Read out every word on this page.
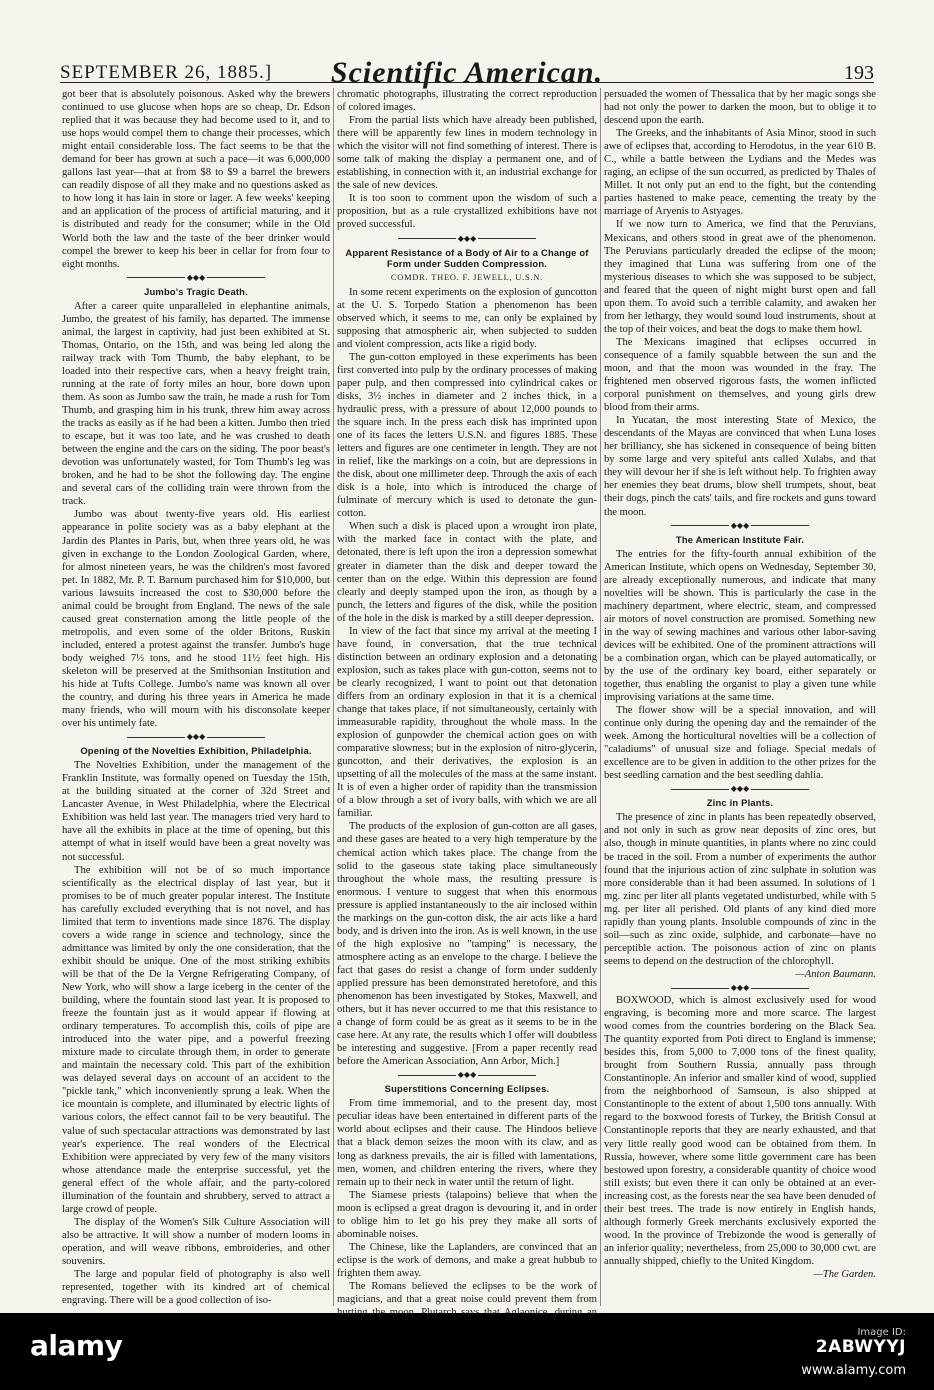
SEPTEMBER 26, 1885.]	Scientific American.	193

got beer that is absolutely poisonous. Asked why the brewers continued to use glucose when hops are so cheap, Dr. Edson replied that it was because they had become used to it, and to use hops would compel them to change their processes, which might entail considerable loss. The fact seems to be that the demand for beer has grown at such a pace—it was 6,000,000 gallons last year—that at from $8 to $9 a barrel the brewers can readily dispose of all they make and no questions asked as to how long it has lain in store or lager. A few weeks' keeping and an application of the process of artificial maturing, and it is distributed and ready for the consumer; while in the Old World both the law and the taste of the beer drinker would compel the brewer to keep his beer in cellar for from four to eight months.

◆◆◆
Jumbo's Tragic Death.

After a career quite unparalleled in elephantine animals, Jumbo, the greatest of his family, has departed. The immense animal, the largest in captivity, had just been exhibited at St. Thomas, Ontario, on the 15th, and was being led along the railway track with Tom Thumb, the baby elephant, to be loaded into their respective cars, when a heavy freight train, running at the rate of forty miles an hour, bore down upon them. As soon as Jumbo saw the train, he made a rush for Tom Thumb, and grasping him in his trunk, threw him away across the tracks as easily as if he had been a kitten. Jumbo then tried to escape, but it was too late, and he was crushed to death between the engine and the cars on the siding. The poor beast's devotion was unfortunately wasted, for Tom Thumb's leg was broken, and he had to be shot the following day. The engine and several cars of the colliding train were thrown from the track.

Jumbo was about twenty-five years old. His earliest appearance in polite society was as a baby elephant at the Jardin des Plantes in Paris, but, when three years old, he was given in exchange to the London Zoological Garden, where, for almost nineteen years, he was the children's most favored pet. In 1882, Mr. P. T. Barnum purchased him for $10,000, but various lawsuits increased the cost to $30,000 before the animal could be brought from England. The news of the sale caused great consternation among the little people of the metropolis, and even some of the older Britons, Ruskin included, entered a protest against the transfer. Jumbo's huge body weighed 7½ tons, and he stood 11½ feet high. His skeleton will be preserved at the Smithsonian Institution and his hide at Tufts College. Jumbo's name was known all over the country, and during his three years in America he made many friends, who will mourn with his disconsolate keeper over his untimely fate.

◆◆◆
Opening of the Novelties Exhibition, Philadelphia.

The Novelties Exhibition, under the management of the Franklin Institute, was formally opened on Tuesday the 15th, at the building situated at the corner of 32d Street and Lancaster Avenue, in West Philadelphia, where the Electrical Exhibition was held last year. The managers tried very hard to have all the exhibits in place at the time of opening, but this attempt of what in itself would have been a great novelty was not successful.

The exhibition will not be of so much importance scientifically as the electrical display of last year, but it promises to be of much greater popular interest. The Institute has carefully excluded everything that is not novel, and has limited that term to inventions made since 1876. The display covers a wide range in science and technology, since the admittance was limited by only the one consideration, that the exhibit should be unique. One of the most striking exhibits will be that of the De la Vergne Refrigerating Company, of New York, who will show a large iceberg in the center of the building, where the fountain stood last year. It is proposed to freeze the fountain just as it would appear if flowing at ordinary temperatures. To accomplish this, coils of pipe are introduced into the water pipe, and a powerful freezing mixture made to circulate through them, in order to generate and maintain the necessary cold. This part of the exhibition was delayed several days on account of an accident to the "pickle tank," which inconveniently sprung a leak. When the ice mountain is complete, and illuminated by electric lights of various colors, the effect cannot fail to be very beautiful. The value of such spectacular attractions was demonstrated by last year's experience. The real wonders of the Electrical Exhibition were appreciated by very few of the many visitors whose attendance made the enterprise successful, yet the general effect of the whole affair, and the party-colored illumination of the fountain and shrubbery, served to attract a large crowd of people.

The display of the Women's Silk Culture Association will also be attractive. It will show a number of modern looms in operation, and will weave ribbons, embroideries, and other souvenirs.

The large and popular field of photography is also well represented, together with its kindred art of chemical engraving. There will be a good collection of iso-

chromatic photographs, illustrating the correct reproduction of colored images.

From the partial lists which have already been published, there will be apparently few lines in modern technology in which the visitor will not find something of interest. There is some talk of making the display a permanent one, and of establishing, in connection with it, an industrial exchange for the sale of new devices.

It is too soon to comment upon the wisdom of such a proposition, but as a rule crystallized exhibitions have not proved successful.

◆◆◆
Apparent Resistance of a Body of Air to a Change of Form under Sudden Compression.

COMDR. THEO. F. JEWELL, U.S.N.

In some recent experiments on the explosion of guncotton at the U. S. Torpedo Station a phenomenon has been observed which, it seems to me, can only be explained by supposing that atmospheric air, when subjected to sudden and violent compression, acts like a rigid body.

The gun-cotton employed in these experiments has been first converted into pulp by the ordinary processes of making paper pulp, and then compressed into cylindrical cakes or disks, 3½ inches in diameter and 2 inches thick, in a hydraulic press, with a pressure of about 12,000 pounds to the square inch. In the press each disk has imprinted upon one of its faces the letters U.S.N. and figures 1885. These letters and figures are one centimeter in length. They are not in relief, like the markings on a coin, but are depressions in the disk, about one millimeter deep. Through the axis of each disk is a hole, into which is introduced the charge of fulminate of mercury which is used to detonate the gun-cotton.

When such a disk is placed upon a wrought iron plate, with the marked face in contact with the plate, and detonated, there is left upon the iron a depression somewhat greater in diameter than the disk and deeper toward the center than on the edge. Within this depression are found clearly and deeply stamped upon the iron, as though by a punch, the letters and figures of the disk, while the position of the hole in the disk is marked by a still deeper depression.

In view of the fact that since my arrival at the meeting I have found, in conversation, that the true technical distinction between an ordinary explosion and a detonating explosion, such as takes place with gun-cotton, seems not to be clearly recognized, I want to point out that detonation differs from an ordinary explosion in that it is a chemical change that takes place, if not simultaneously, certainly with immeasurable rapidity, throughout the whole mass. In the explosion of gunpowder the chemical action goes on with comparative slowness; but in the explosion of nitro-glycerin, guncotton, and their derivatives, the explosion is an upsetting of all the molecules of the mass at the same instant. It is of even a higher order of rapidity than the transmission of a blow through a set of ivory balls, with which we are all familiar.

The products of the explosion of gun-cotton are all gases, and these gases are heated to a very high temperature by the chemical action which takes place. The change from the solid to the gaseous state taking place simultaneously throughout the whole mass, the resulting pressure is enormous. I venture to suggest that when this enormous pressure is applied instantaneously to the air inclosed within the markings on the gun-cotton disk, the air acts like a hard body, and is driven into the iron. As is well known, in the use of the high explosive no "tamping" is necessary, the atmosphere acting as an envelope to the charge. I believe the fact that gases do resist a change of form under suddenly applied pressure has been demonstrated heretofore, and this phenomenon has been investigated by Stokes, Maxwell, and others, but it has never occurred to me that this resistance to a change of form could be as great as it seems to be in the case here. At any rate, the results which I offer will doubtless be interesting and suggestive. [From a paper recently read before the American Association, Ann Arbor, Mich.]

◆◆◆
Superstitions Concerning Eclipses.

From time immemorial, and to the present day, most peculiar ideas have been entertained in different parts of the world about eclipses and their cause. The Hindoos believe that a black demon seizes the moon with its claw, and as long as darkness prevails, the air is filled with lamentations, men, women, and children entering the rivers, where they remain up to their neck in water until the return of light.

The Siamese priests (talapoins) believe that when the moon is eclipsed a great dragon is devouring it, and in order to oblige him to let go his prey they make all sorts of abominable noises.

The Chinese, like the Laplanders, are convinced that an eclipse is the work of demons, and make a great hubbub to frighten them away.

The Romans believed the eclipses to be the work of magicians, and that a great noise could prevent them from

persuaded the women of Thessalica that by her magic songs she had not only the power to darken the moon, but to oblige it to descend upon the earth.

The Greeks, and the inhabitants of Asia Minor, stood in such awe of eclipses that, according to Herodotus, in the year 610 B. C., while a battle between the Lydians and the Medes was raging, an eclipse of the sun occurred, as predicted by Thales of Millet. It not only put an end to the fight, but the contending parties hastened to make peace, cementing the treaty by the marriage of Aryenis to Astyages.

If we now turn to America, we find that the Peruvians, Mexicans, and others stood in great awe of the phenomenon. The Peruvians particularly dreaded the eclipse of the moon; they imagined that Luna was suffering from one of the mysterious diseases to which she was supposed to be subject, and feared that the queen of night might burst open and fall upon them. To avoid such a terrible calamity, and awaken her from her lethargy, they would sound loud instruments, shout at the top of their voices, and beat the dogs to make them howl.

The Mexicans imagined that eclipses occurred in consequence of a family squabble between the sun and the moon, and that the moon was wounded in the fray. The frightened men observed rigorous fasts, the women inflicted corporal punishment on themselves, and young girls drew blood from their arms.

In Yucatan, the most interesting State of Mexico, the descendants of the Mayas are convinced that when Luna loses her brilliancy, she has sickened in consequence of being bitten by some large and very spiteful ants called Xulabs, and that they will devour her if she is left without help. To frighten away her enemies they beat drums, blow shell trumpets, shout, beat their dogs, pinch the cats' tails, and fire rockets and guns toward the moon.

◆◆◆
The American Institute Fair.

The entries for the fifty-fourth annual exhibition of the American Institute, which opens on Wednesday, September 30, are already exceptionally numerous, and indicate that many novelties will be shown. This is particularly the case in the machinery department, where electric, steam, and compressed air motors of novel construction are promised. Something new in the way of sewing machines and various other labor-saving devices will be exhibited. One of the prominent attractions will be a combination organ, which can be played automatically, or by the use of the ordinary key board, either separately or together, thus enabling the organist to play a given tune while improvising variations at the same time.

The flower show will be a special innovation, and will continue only during the opening day and the remainder of the week. Among the horticultural novelties will be a collection of "caladiums" of unusual size and foliage. Special medals of excellence are to be given in addition to the other prizes for the best seedling carnation and the best seedling dahlia.

◆◆◆
Zinc in Plants.

The presence of zinc in plants has been repeatedly observed, and not only in such as grow near deposits of zinc ores, but also, though in minute quantities, in plants where no zinc could be traced in the soil. From a number of experiments the author found that the injurious action of zinc sulphate in solution was more considerable than it had been assumed. In solutions of 1 mg. zinc per liter all plants vegetated undisturbed, while with 5 mg. per liter all perished. Old plants of any kind died more rapidly than young plants. Insoluble compounds of zinc in the soil—such as zinc oxide, sulphide, and carbonate—have no perceptible action. The poisonous action of zinc on plants seems to depend on the destruction of the chlorophyll.

—Anton Baumann.

◆◆◆

BOXWOOD, which is almost exclusively used for wood engraving, is becoming more and more scarce. The largest wood comes from the countries bordering on the Black Sea. The quantity exported from Poti direct to England is immense; besides this, from 5,000 to 7,000 tons of the finest quality, brought from Southern Russia, annually pass through Constantinople. An inferior and smaller kind of wood, supplied from the neighborhood of Samsoun, is also shipped at Constantinople to the extent of about 1,500 tons annually. With regard to the boxwood forests of Turkey, the British Consul at Constantinople reports that they are nearly exhausted, and that very little really good wood can be obtained from them. In Russia, however, where some little government care has been bestowed upon forestry, a considerable quantity of choice wood still exists; but even there it can only be obtained at an ever-increasing cost, as the forests near the sea have been denuded of their best trees. The trade is now entirely in English hands, although formerly Greek merchants exclusively exported the wood. In the province of Trebizonde the wood is generally of an inferior quality; nevertheless, from 25,000 to 30,000 cwt. are annually shipped, chiefly to the United Kingdom.

—The Garden.

alamy	Image ID:
2ABWYYJ
www.alamy.com
